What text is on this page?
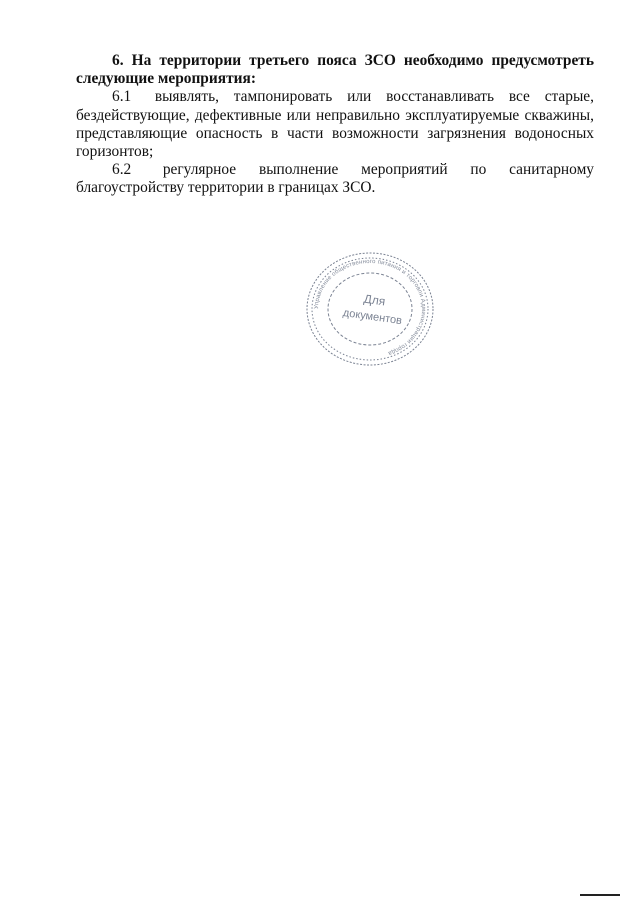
6. На территории третьего пояса ЗСО необходимо предусмотреть следующие мероприятия:

6.1 выявлять, тампонировать или восстанавливать все старые, бездействующие, дефективные или неправильно эксплуатируемые скважины, представляющие опасность в части возможности загрязнения водоносных горизонтов;

6.2 регулярное выполнение мероприятий по санитарному благоустройству территории в границах ЗСО.

Управление общественного питания и торговли Администрации города
Для
документов
